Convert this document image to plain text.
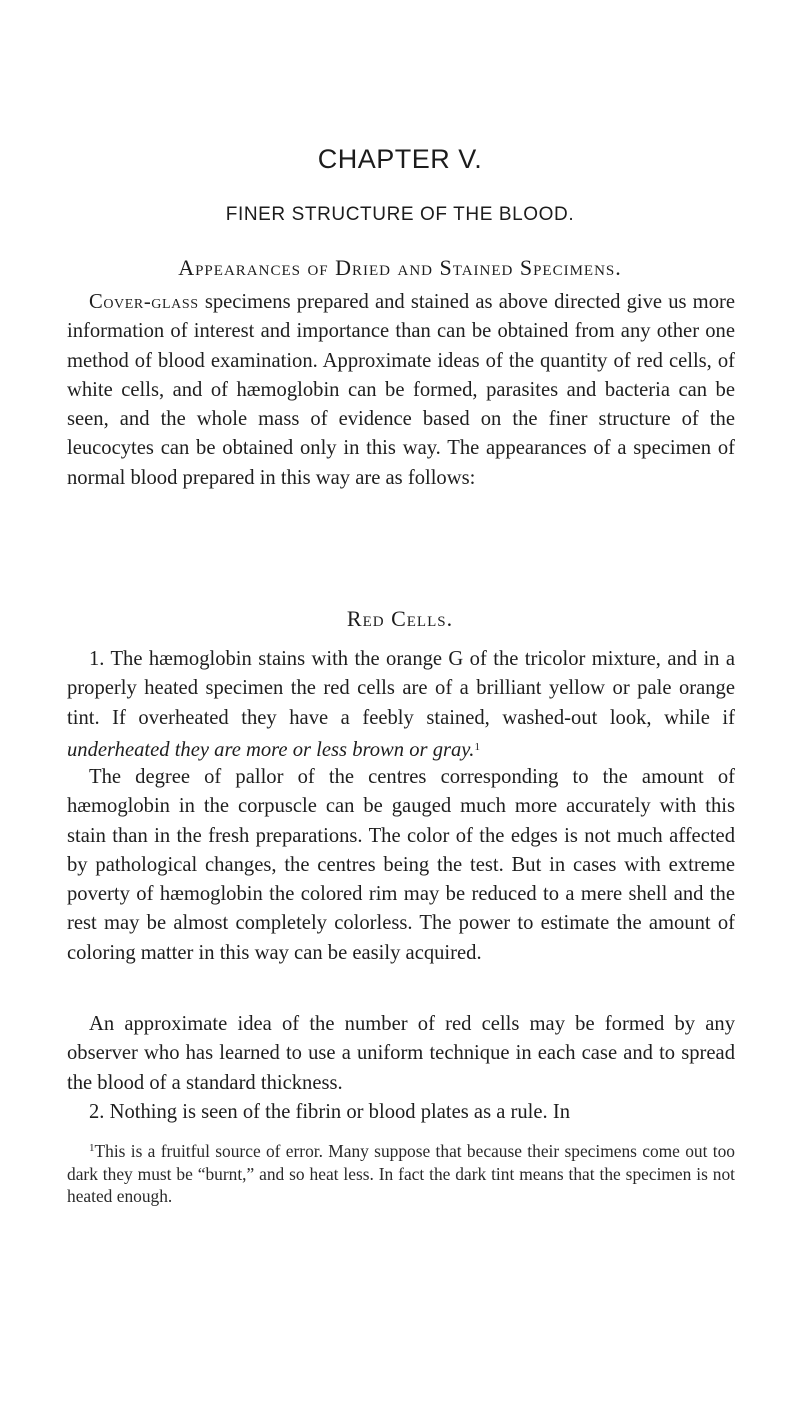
CHAPTER V.
FINER STRUCTURE OF THE BLOOD.
Appearances of Dried and Stained Specimens.

Cover-glass specimens prepared and stained as above directed give us more information of interest and importance than can be obtained from any other one method of blood examination. Approximate ideas of the quantity of red cells, of white cells, and of hæmoglobin can be formed, parasites and bacteria can be seen, and the whole mass of evidence based on the finer structure of the leucocytes can be obtained only in this way. The appearances of a specimen of normal blood prepared in this way are as follows:

Red Cells.

1. The hæmoglobin stains with the orange G of the tricolor mixture, and in a properly heated specimen the red cells are of a brilliant yellow or pale orange tint. If overheated they have a feebly stained, washed-out look, while if underheated they are more or less brown or gray.$^1$

The degree of pallor of the centres corresponding to the amount of hæmoglobin in the corpuscle can be gauged much more accurately with this stain than in the fresh preparations. The color of the edges is not much affected by pathological changes, the centres being the test. But in cases with extreme poverty of hæmoglobin the colored rim may be reduced to a mere shell and the rest may be almost completely colorless. The power to estimate the amount of coloring matter in this way can be easily acquired.

An approximate idea of the number of red cells may be formed by any observer who has learned to use a uniform technique in each case and to spread the blood of a standard thickness.

2. Nothing is seen of the fibrin or blood plates as a rule. In

$^1$This is a fruitful source of error. Many suppose that because their specimens come out too dark they must be “burnt,” and so heat less. In fact the dark tint means that the specimen is not heated enough.
